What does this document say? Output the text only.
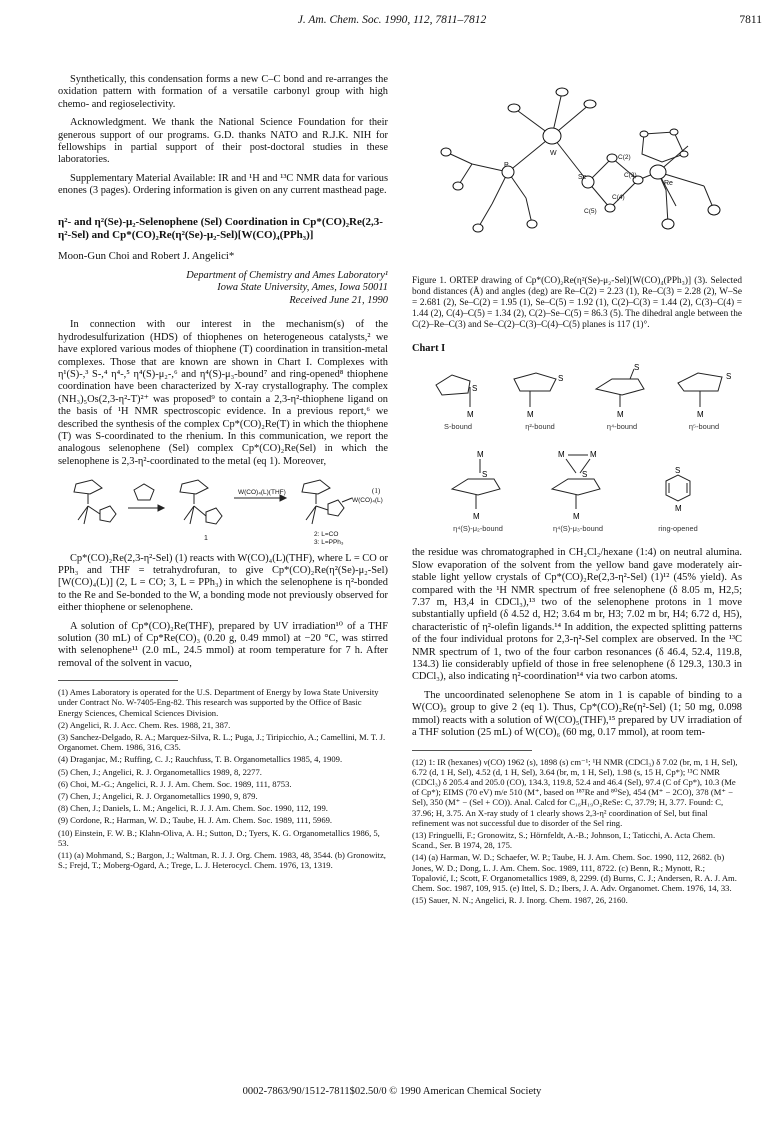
J. Am. Chem. Soc. 1990, 112, 7811–7812	7811

Synthetically, this condensation forms a new C–C bond and re-arranges the oxidation pattern with formation of a versatile carbonyl group with high chemo- and regioselectivity.

Acknowledgment. We thank the National Science Foundation for their generous support of our programs. G.D. thanks NATO and R.J.K. NIH for fellowships in partial support of their post-doctoral studies in these laboratories.

Supplementary Material Available: IR and ¹H and ¹³C NMR data for various enones (3 pages). Ordering information is given on any current masthead page.

η²- and η²(Se)-μ₂-Selenophene (Sel) Coordination in Cp*(CO)₂Re(2,3-η²-Sel) and Cp*(CO)₂Re(η²(Se)-μ₂-Sel)[W(CO)₄(PPh₃)]
Moon-Gun Choi and Robert J. Angelici*
Department of Chemistry and Ames Laboratory¹
Iowa State University, Ames, Iowa 50011
Received June 21, 1990

In connection with our interest in the mechanism(s) of the hydrodesulfurization (HDS) of thiophenes on heterogeneous catalysts,² we have explored various modes of thiophene (T) coordination in transition-metal complexes. Those that are known are shown in Chart I. Complexes with η¹(S)-,³ S-,⁴ η⁴-,⁵ η⁴(S)-μ₂-,⁶ and η⁴(S)-μ₃-bound⁷ and ring-opened⁸ thiophene coordination have been characterized by X-ray crystallography. The complex (NH₃)₅Os(2,3-η²-T)²⁺ was proposed⁹ to contain a 2,3-η²-thiophene ligand on the basis of ¹H NMR spectroscopic evidence. In a previous report,⁶ we described the synthesis of the complex Cp*(CO)₂Re(T) in which the thiophene (T) was S-coordinated to the rhenium. In this communication, we report the analogous selenophene (Sel) complex Cp*(CO)₂Re(Sel) in which the selenophene is 2,3-η²-coordinated to the metal (eq 1). Moreover,

W(CO)₄(L)(THF)
W(CO)₄(L)
(1)
1
2: L=CO
3: L=PPh₃

Cp*(CO)₂Re(2,3-η²-Sel) (1) reacts with W(CO)₄(L)(THF), where L = CO or PPh₃ and THF = tetrahydrofuran, to give Cp*(CO)₂Re(η²(Se)-μ₂-Sel)[W(CO)₄(L)] (2, L = CO; 3, L = PPh₃) in which the selenophene is η²-bonded to the Re and Se-bonded to the W, a bonding mode not previously observed for either thiophene or selenophene.

A solution of Cp*(CO)₂Re(THF), prepared by UV irradiation¹⁰ of a THF solution (30 mL) of Cp*Re(CO)₃ (0.20 g, 0.49 mmol) at −20 °C, was stirred with selenophene¹¹ (2.0 mL, 24.5 mmol) at room temperature for 7 h. After removal of the solvent in vacuo,

(1) Ames Laboratory is operated for the U.S. Department of Energy by Iowa State University under Contract No. W-7405-Eng-82. This research was supported by the Office of Basic Energy Sciences, Chemical Sciences Division.
(2) Angelici, R. J. Acc. Chem. Res. 1988, 21, 387.
(3) Sanchez-Delgado, R. A.; Marquez-Silva, R. L.; Puga, J.; Tiripicchio, A.; Camellini, M. T. J. Organomet. Chem. 1986, 316, C35.
(4) Draganjac, M.; Ruffing, C. J.; Rauchfuss, T. B. Organometallics 1985, 4, 1909.
(5) Chen, J.; Angelici, R. J. Organometallics 1989, 8, 2277.
(6) Choi, M.-G.; Angelici, R. J. J. Am. Chem. Soc. 1989, 111, 8753.
(7) Chen, J.; Angelici, R. J. Organometallics 1990, 9, 879.
(8) Chen, J.; Daniels, L. M.; Angelici, R. J. J. Am. Chem. Soc. 1990, 112, 199.
(9) Cordone, R.; Harman, W. D.; Taube, H. J. Am. Chem. Soc. 1989, 111, 5969.
(10) Einstein, F. W. B.; Klahn-Oliva, A. H.; Sutton, D.; Tyers, K. G. Organometallics 1986, 5, 53.
(11) (a) Mohmand, S.; Bargon, J.; Waltman, R. J. J. Org. Chem. 1983, 48, 3544. (b) Gronowitz, S.; Frejd, T.; Moberg-Ogard, A.; Trege, L. J. Heterocycl. Chem. 1976, 13, 1319.
W
P
Se
C(2)
C(3)
C(4)
C(5)
Re

Figure 1. ORTEP drawing of Cp*(CO)₂Re(η²(Se)-μ₂-Sel)[W(CO)₄(PPh₃)] (3). Selected bond distances (Å) and angles (deg) are Re–C(2) = 2.23 (1), Re–C(3) = 2.28 (2), W–Se = 2.681 (2), Se–C(2) = 1.95 (1), Se–C(5) = 1.92 (1), C(2)–C(3) = 1.44 (2), C(3)–C(4) = 1.44 (2), C(4)–C(5) = 1.34 (2), C(2)–Se–C(5) = 86.3 (5). The dihedral angle between the C(2)–Re–C(3) and Se–C(2)–C(3)–C(4)–C(5) planes is 117 (1)°.

Chart I
S
M
S-bound
S
M
η²-bound
S
M
η⁴-bound
S
M
η⁵-bound
M
S
M
η⁴(S)-μ₂-bound
M	M
S
M
η⁴(S)-μ₃-bound
S
M
ring-opened

the residue was chromatographed in CH₂Cl₂/hexane (1:4) on neutral alumina. Slow evaporation of the solvent from the yellow band gave moderately air-stable light yellow crystals of Cp*(CO)₂Re(2,3-η²-Sel) (1)¹² (45% yield). As compared with the ¹H NMR spectrum of free selenophene (δ 8.05 m, H2,5; 7.37 m, H3,4 in CDCl₃),¹³ two of the selenophene protons in 1 move substantially upfield (δ 4.52 d, H2; 3.64 m br, H3; 7.02 m br, H4; 6.72 d, H5), characteristic of η²-olefin ligands.¹⁴ In addition, the expected splitting patterns of the four individual protons for 2,3-η²-Sel complex are observed. In the ¹³C NMR spectrum of 1, two of the four carbon resonances (δ 46.4, 52.4, 119.8, 134.3) lie considerably upfield of those in free selenophene (δ 129.3, 130.3 in CDCl₃), also indicating η²-coordination¹⁴ via two carbon atoms.

The uncoordinated selenophene Se atom in 1 is capable of binding to a W(CO)₅ group to give 2 (eq 1). Thus, Cp*(CO)₂Re(η²-Sel) (1; 50 mg, 0.098 mmol) reacts with a solution of W(CO)₅(THF),¹⁵ prepared by UV irradiation of a THF solution (25 mL) of W(CO)₆ (60 mg, 0.17 mmol), at room tem-

(12) 1: IR (hexanes) ν(CO) 1962 (s), 1898 (s) cm⁻¹; ¹H NMR (CDCl₃) δ 7.02 (br, m, 1 H, Sel), 6.72 (d, 1 H, Sel), 4.52 (d, 1 H, Sel), 3.64 (br, m, 1 H, Sel), 1.98 (s, 15 H, Cp*); ¹³C NMR (CDCl₃) δ 205.4 and 205.0 (CO), 134.3, 119.8, 52.4 and 46.4 (Sel), 97.4 (C of Cp*), 10.3 (Me of Cp*); EIMS (70 eV) m/e 510 (M⁺, based on ¹⁸⁷Re and ⁸⁰Se), 454 (M⁺ − 2CO), 378 (M⁺ − Sel), 350 (M⁺ − (Sel + CO)). Anal. Calcd for C₁₆H₁₉O₂ReSe: C, 37.79; H, 3.77. Found: C, 37.96; H, 3.75. An X-ray study of 1 clearly shows 2,3-η² coordination of Sel, but final refinement was not successful due to disorder of the Sel ring.
(13) Fringuelli, F.; Gronowitz, S.; Hörnfeldt, A.-B.; Johnson, I.; Taticchi, A. Acta Chem. Scand., Ser. B 1974, 28, 175.
(14) (a) Harman, W. D.; Schaefer, W. P.; Taube, H. J. Am. Chem. Soc. 1990, 112, 2682. (b) Jones, W. D.; Dong, L. J. Am. Chem. Soc. 1989, 111, 8722. (c) Benn, R.; Mynott, R.; Topalović, I.; Scott, F. Organometallics 1989, 8, 2299. (d) Burns, C. J.; Andersen, R. A. J. Am. Chem. Soc. 1987, 109, 915. (e) Ittel, S. D.; Ibers, J. A. Adv. Organomet. Chem. 1976, 14, 33.
(15) Sauer, N. N.; Angelici, R. J. Inorg. Chem. 1987, 26, 2160.
0002-7863/90/1512-7811$02.50/0 © 1990 American Chemical Society
